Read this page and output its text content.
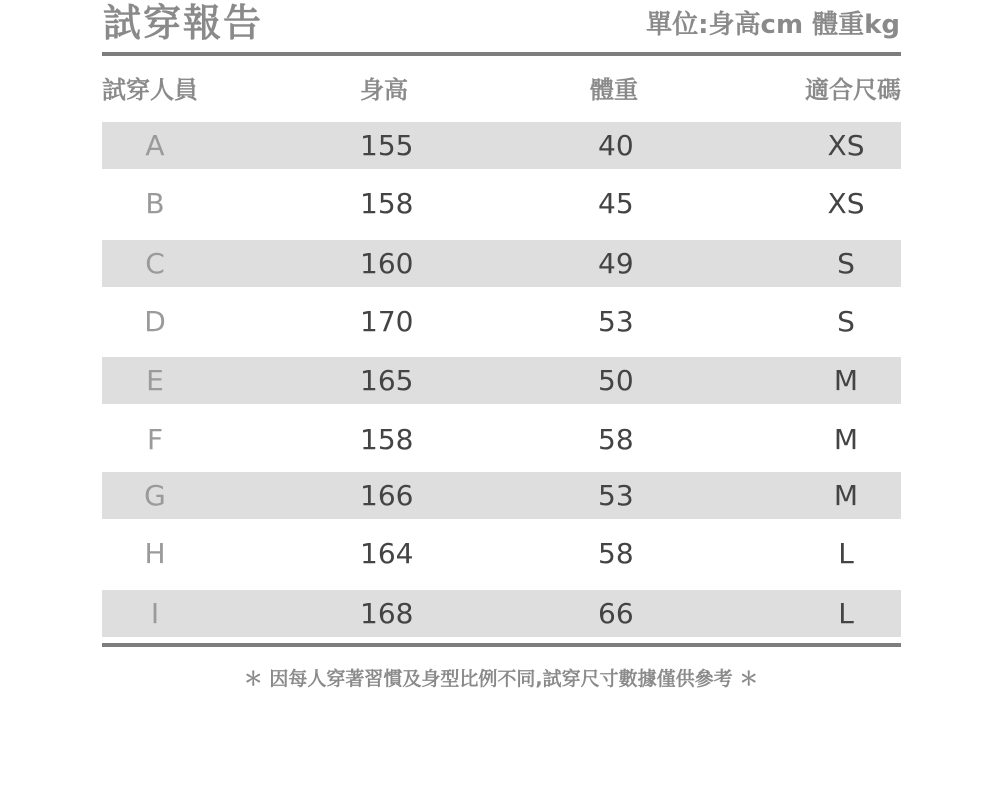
試穿報告	單位:身高cm 體重kg
試穿人員	身高	體重	適合尺碼
A	155	40	XS
B	158	45	XS
C	160	49	S
D	170	53	S
E	165	50	M
F	158	58	M
G	166	53	M
H	164	58	L
I	168	66	L
＊ 因每人穿著習慣及身型比例不同,試穿尺寸數據僅供參考 ＊
